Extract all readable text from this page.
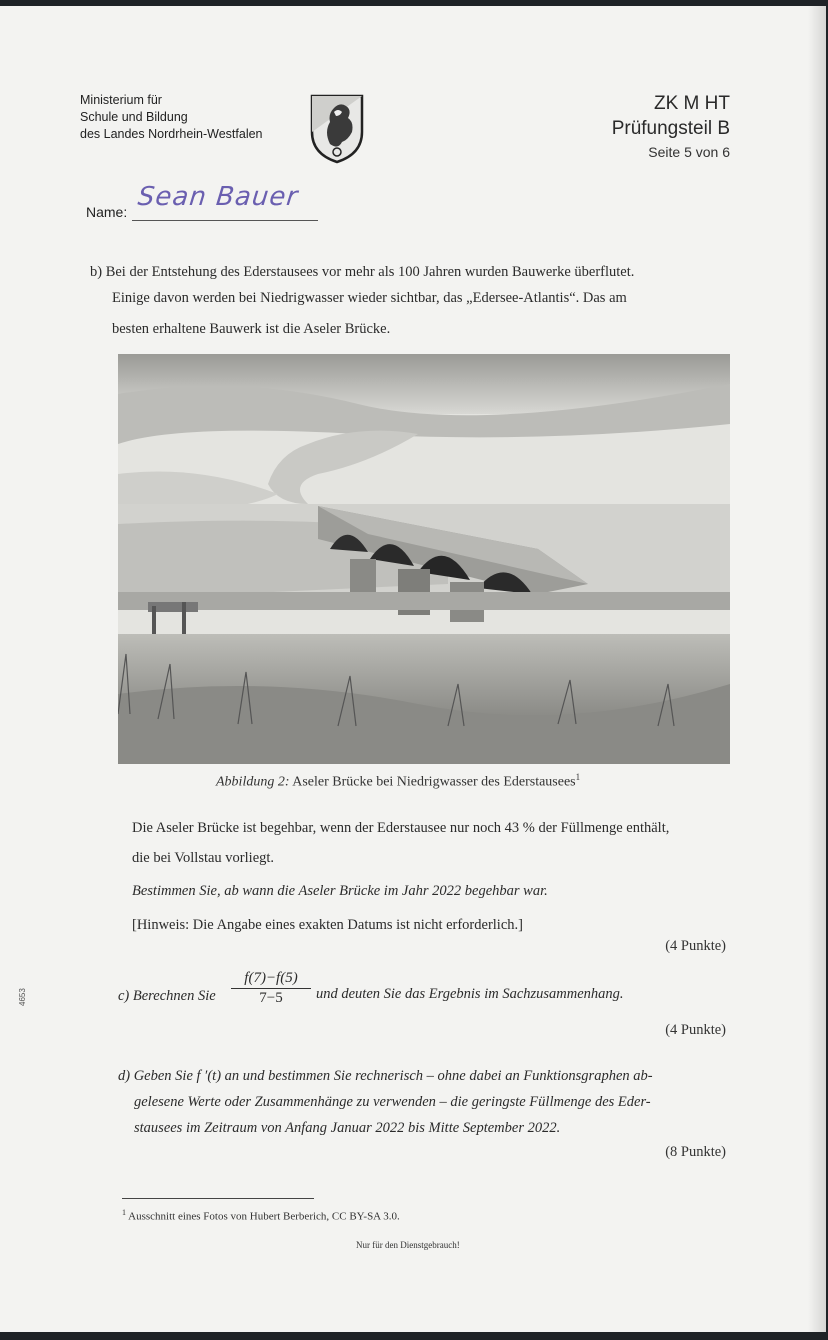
Ministerium für
Schule und Bildung
des Landes Nordrhein-Westfalen
ZK M HT
Prüfungsteil B
Seite 5 von 6
Name: Sean Bauer
b) Bei der Entstehung des Ederstausees vor mehr als 100 Jahren wurden Bauwerke überflutet.
Einige davon werden bei Niedrigwasser wieder sichtbar, das „Edersee-Atlantis“. Das am
besten erhaltene Bauwerk ist die Aseler Brücke.
Abbildung 2: Aseler Brücke bei Niedrigwasser des Ederstausees$^1$
Die Aseler Brücke ist begehbar, wenn der Ederstausee nur noch 43 % der Füllmenge enthält,
die bei Vollstau vorliegt.
Bestimmen Sie, ab wann die Aseler Brücke im Jahr 2022 begehbar war.
[Hinweis: Die Angabe eines exakten Datums ist nicht erforderlich.]
(4 Punkte)
c) Berechnen Sie $\frac{f(7)-f(5)}{7-5}$ und deuten Sie das Ergebnis im Sachzusammenhang.
(4 Punkte)
d) Geben Sie f ′(t) an und bestimmen Sie rechnerisch – ohne dabei an Funktionsgraphen ab-
gelesene Werte oder Zusammenhänge zu verwenden – die geringste Füllmenge des Eder-
stausees im Zeitraum von Anfang Januar 2022 bis Mitte September 2022.
(8 Punkte)
$^1$ Ausschnitt eines Fotos von Hubert Berberich, CC BY-SA 3.0.
Nur für den Dienstgebrauch!
4653
